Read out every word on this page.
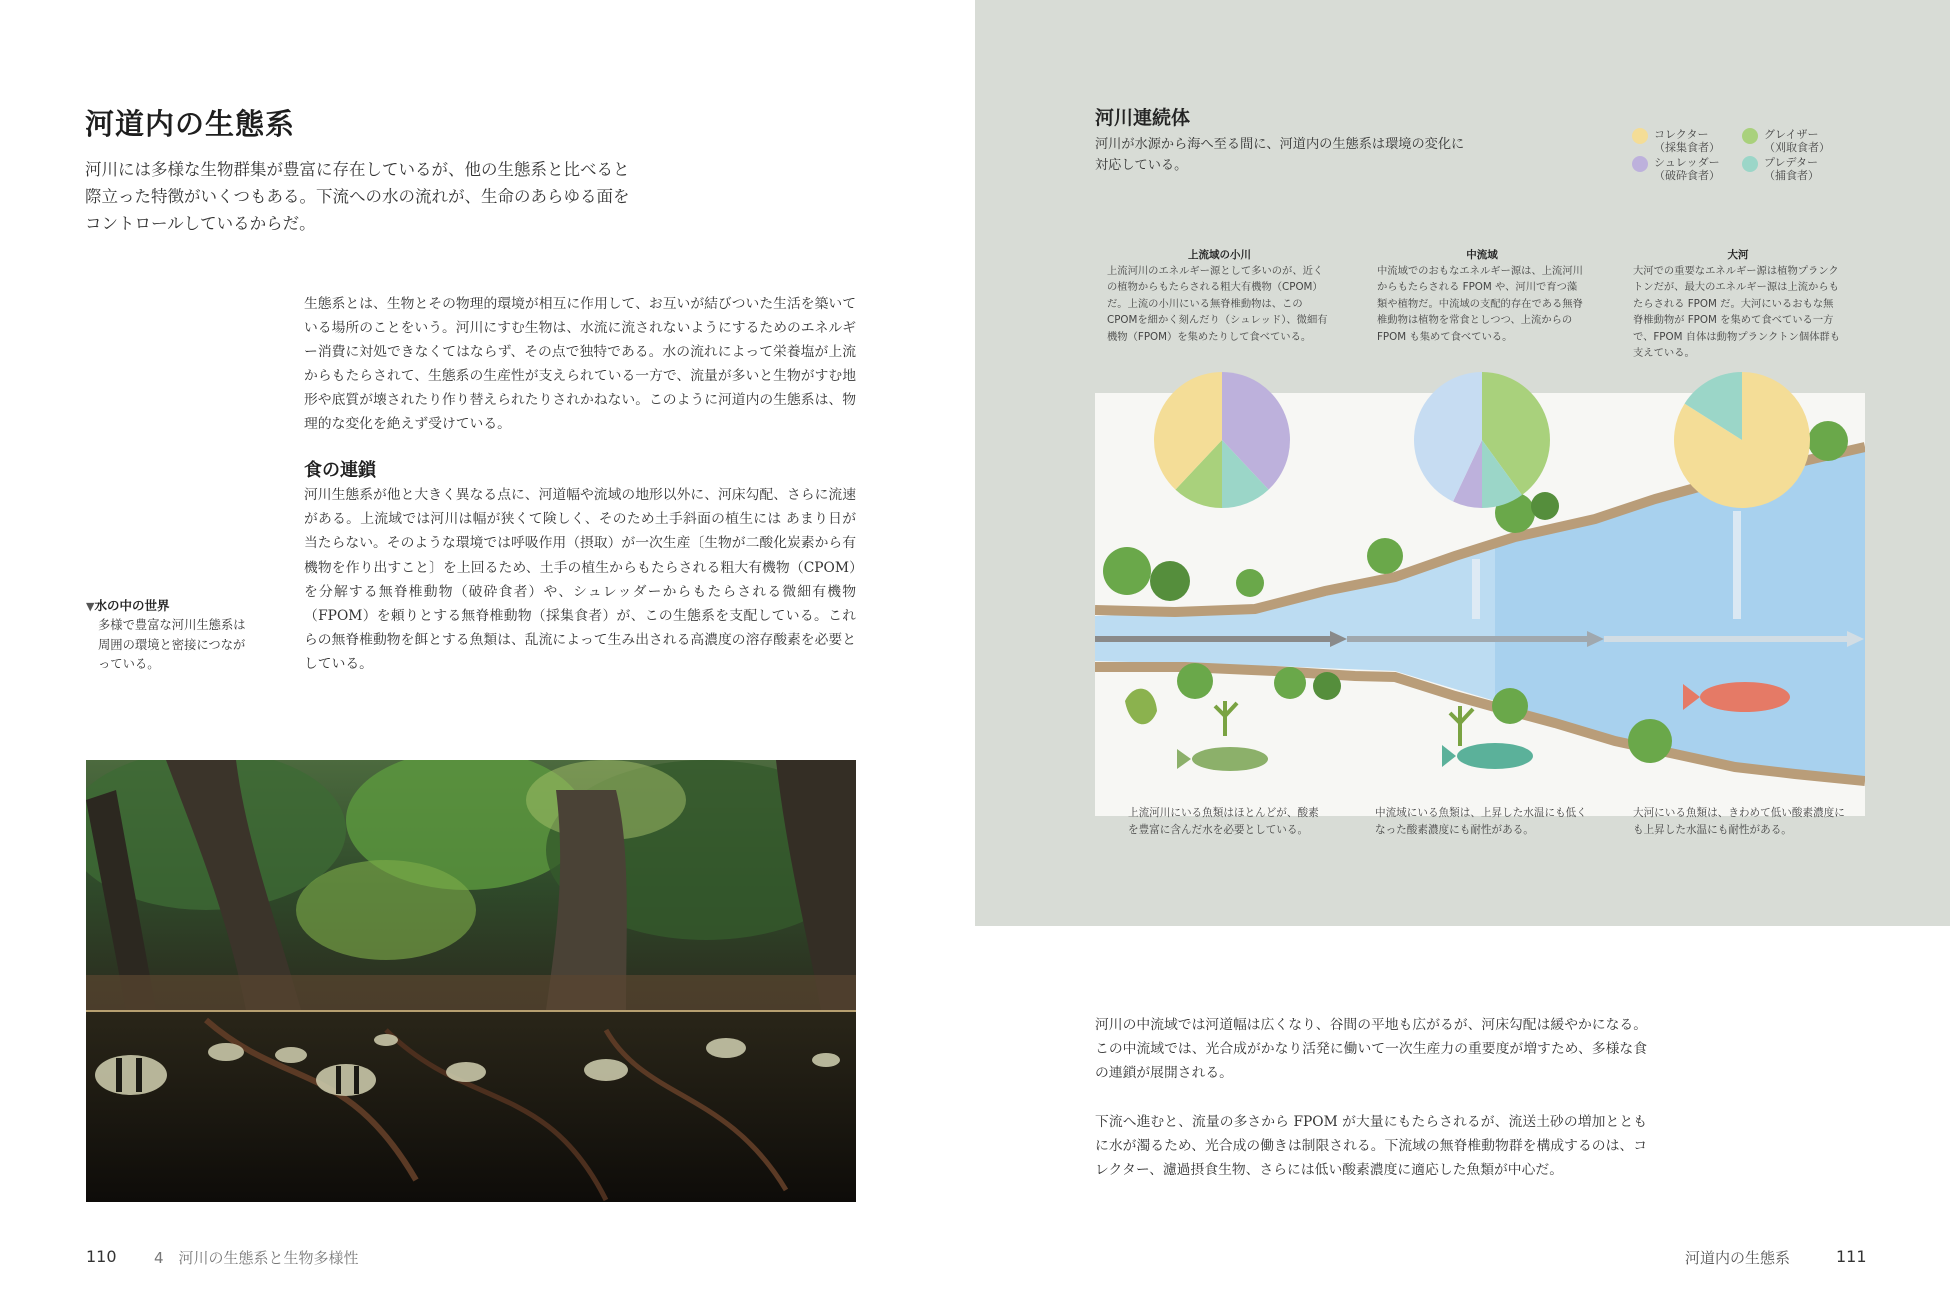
河道内の生態系
河川には多様な生物群集が豊富に存在しているが、他の生態系と比べると際立った特徴がいくつもある。下流への水の流れが、生命のあらゆる面をコントロールしているからだ。
生態系とは、生物とその物理的環境が相互に作用して、お互いが結びついた生活を築いている場所のことをいう。河川にすむ生物は、水流に流されないようにするためのエネルギー消費に対処できなくてはならず、その点で独特である。水の流れによって栄養塩が上流からもたらされて、生態系の生産性が支えられている一方で、流量が多いと生物がすむ地形や底質が壊されたり作り替えられたりされかねない。このように河道内の生態系は、物理的な変化を絶えず受けている。
食の連鎖
河川生態系が他と大きく異なる点に、河道幅や流域の地形以外に、河床勾配、さらに流速がある。上流域では河川は幅が狭くて険しく、そのため土手斜面の植生には あまり日が当たらない。そのような環境では呼吸作用（摂取）が一次生産〔生物が二酸化炭素から有機物を作り出すこと〕を上回るため、土手の植生からもたらされる粗大有機物（CPOM）を分解する無脊椎動物（破砕食者）や、シュレッダーからもたらされる微細有機物（FPOM）を頼りとする無脊椎動物（採集食者）が、この生態系を支配している。これらの無脊椎動物を餌とする魚類は、乱流によって生み出される高濃度の溶存酸素を必要としている。
▼水の中の世界
多様で豊富な河川生態系は周囲の環境と密接につながっている。
110 4　河川の生態系と生物多様性
河川連続体
河川が水源から海へ至る間に、河道内の生態系は環境の変化に対応している。
コレクター
（採集食者）
グレイザー
（刈取食者）
シュレッダー
（破砕食者）
プレデター
（捕食者）
上流域の小川
上流河川のエネルギー源として多いのが、近くの植物からもたらされる粗大有機物（CPOM）だ。上流の小川にいる無脊椎動物は、このCPOMを細かく刻んだり（シュレッド）、微細有機物（FPOM）を集めたりして食べている。
中流域
中流域でのおもなエネルギー源は、上流河川からもたらされる FPOM や、河川で育つ藻類や植物だ。中流域の支配的存在である無脊椎動物は植物を常食としつつ、上流からの FPOM も集めて食べている。
大河
大河での重要なエネルギー源は植物プランクトンだが、最大のエネルギー源は上流からもたらされる FPOM だ。大河にいるおもな無脊椎動物が FPOM を集めて食べている一方で、FPOM 自体は動物プランクトン個体群も支えている。
上流河川にいる魚類はほとんどが、酸素を豊富に含んだ水を必要としている。
中流域にいる魚類は、上昇した水温にも低くなった酸素濃度にも耐性がある。
大河にいる魚類は、きわめて低い酸素濃度にも上昇した水温にも耐性がある。

河川の中流域では河道幅は広くなり、谷間の平地も広がるが、河床勾配は緩やかになる。この中流域では、光合成がかなり活発に働いて一次生産力の重要度が増すため、多様な食の連鎖が展開される。

下流へ進むと、流量の多さから FPOM が大量にもたらされるが、流送土砂の増加とともに水が濁るため、光合成の働きは制限される。下流域の無脊椎動物群を構成するのは、コレクター、濾過摂食生物、さらには低い酸素濃度に適応した魚類が中心だ。

河道内の生態系	111
